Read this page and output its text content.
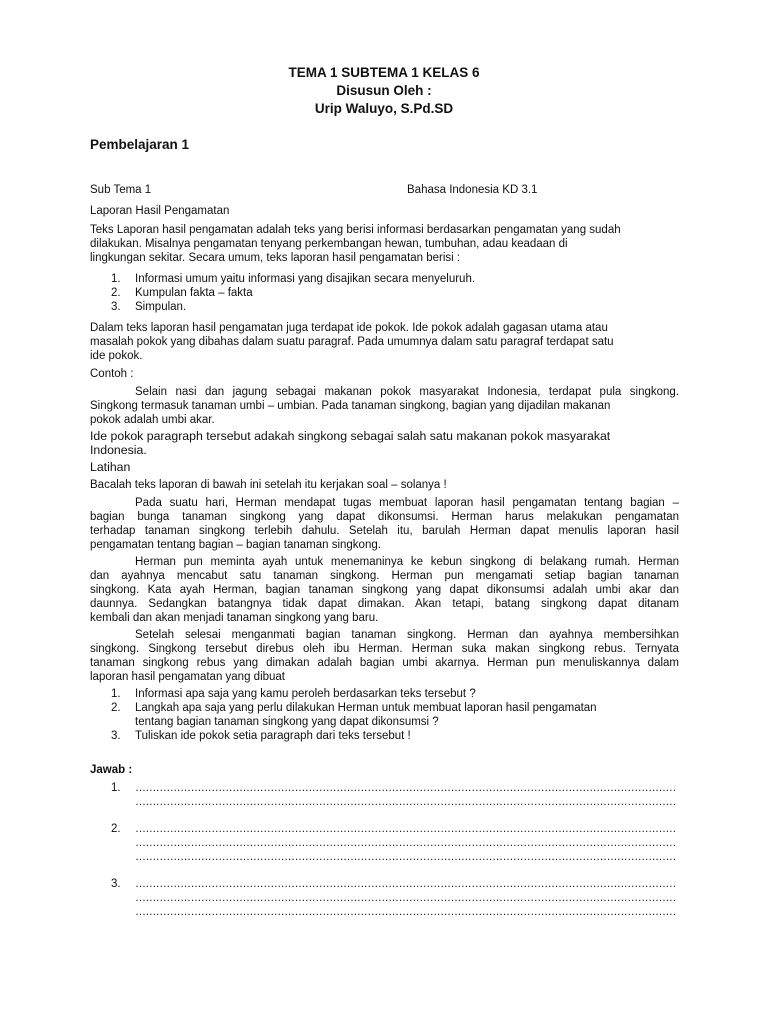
TEMA 1 SUBTEMA 1 KELAS 6
Disusun Oleh :
Urip Waluyo, S.Pd.SD
Pembelajaran 1
Sub Tema 1	Bahasa Indonesia KD 3.1
Laporan Hasil Pengamatan
Teks Laporan hasil pengamatan adalah teks yang berisi informasi berdasarkan pengamatan yang sudah
dilakukan. Misalnya pengamatan tenyang perkembangan hewan, tumbuhan, adau keadaan di
lingkungan sekitar. Secara umum, teks laporan hasil pengamatan berisi :
1. Informasi umum yaitu informasi yang disajikan secara menyeluruh.
2. Kumpulan fakta – fakta
3. Simpulan.
Dalam teks laporan hasil pengamatan juga terdapat ide pokok. Ide pokok adalah gagasan utama atau
masalah pokok yang dibahas dalam suatu paragraf. Pada umumnya dalam satu paragraf terdapat satu
ide pokok.
Contoh :
Selain nasi dan jagung sebagai makanan pokok masyarakat Indonesia, terdapat pula singkong.
Singkong termasuk tanaman umbi – umbian. Pada tanaman singkong, bagian yang dijadilan makanan
pokok adalah umbi akar.
Ide pokok paragraph tersebut adakah singkong sebagai salah satu makanan pokok masyarakat
Indonesia.
Latihan
Bacalah teks laporan di bawah ini setelah itu kerjakan soal – solanya !
Pada suatu hari, Herman mendapat tugas membuat laporan hasil pengamatan tentang bagian –
bagian bunga tanaman singkong yang dapat dikonsumsi. Herman harus melakukan pengamatan
terhadap tanaman singkong terlebih dahulu. Setelah itu, barulah Herman dapat menulis laporan hasil
pengamatan tentang bagian – bagian tanaman singkong.
Herman pun meminta ayah untuk menemaninya ke kebun singkong di belakang rumah. Herman
dan ayahnya mencabut satu tanaman singkong. Herman pun mengamati setiap bagian tanaman
singkong. Kata ayah Herman, bagian tanaman singkong yang dapat dikonsumsi adalah umbi akar dan
daunnya. Sedangkan batangnya tidak dapat dimakan. Akan tetapi, batang singkong dapat ditanam
kembali dan akan menjadi tanaman singkong yang baru.
Setelah selesai menganmati bagian tanaman singkong. Herman dan ayahnya membersihkan
singkong. Singkong tersebut direbus oleh ibu Herman. Herman suka makan singkong rebus. Ternyata
tanaman singkong rebus yang dimakan adalah bagian umbi akarnya. Herman pun menuliskannya dalam
laporan hasil pengamatan yang dibuat
1. Informasi apa saja yang kamu peroleh berdasarkan teks tersebut ?
2. Langkah apa saja yang perlu dilakukan Herman untuk membuat laporan hasil pengamatan
tentang bagian tanaman singkong yang dapat dikonsumsi ?
3. Tuliskan ide pokok setia paragraph dari teks tersebut !
Jawab :
1. …………………………………………………………………………………………………………………………………………
…………………………………………………………………………………………………………………………………………
2. …………………………………………………………………………………………………………………………………………
…………………………………………………………………………………………………………………………………………
…………………………………………………………………………………………………………………………………………
3. …………………………………………………………………………………………………………………………………………
…………………………………………………………………………………………………………………………………………
…………………………………………………………………………………………………………………………………………
